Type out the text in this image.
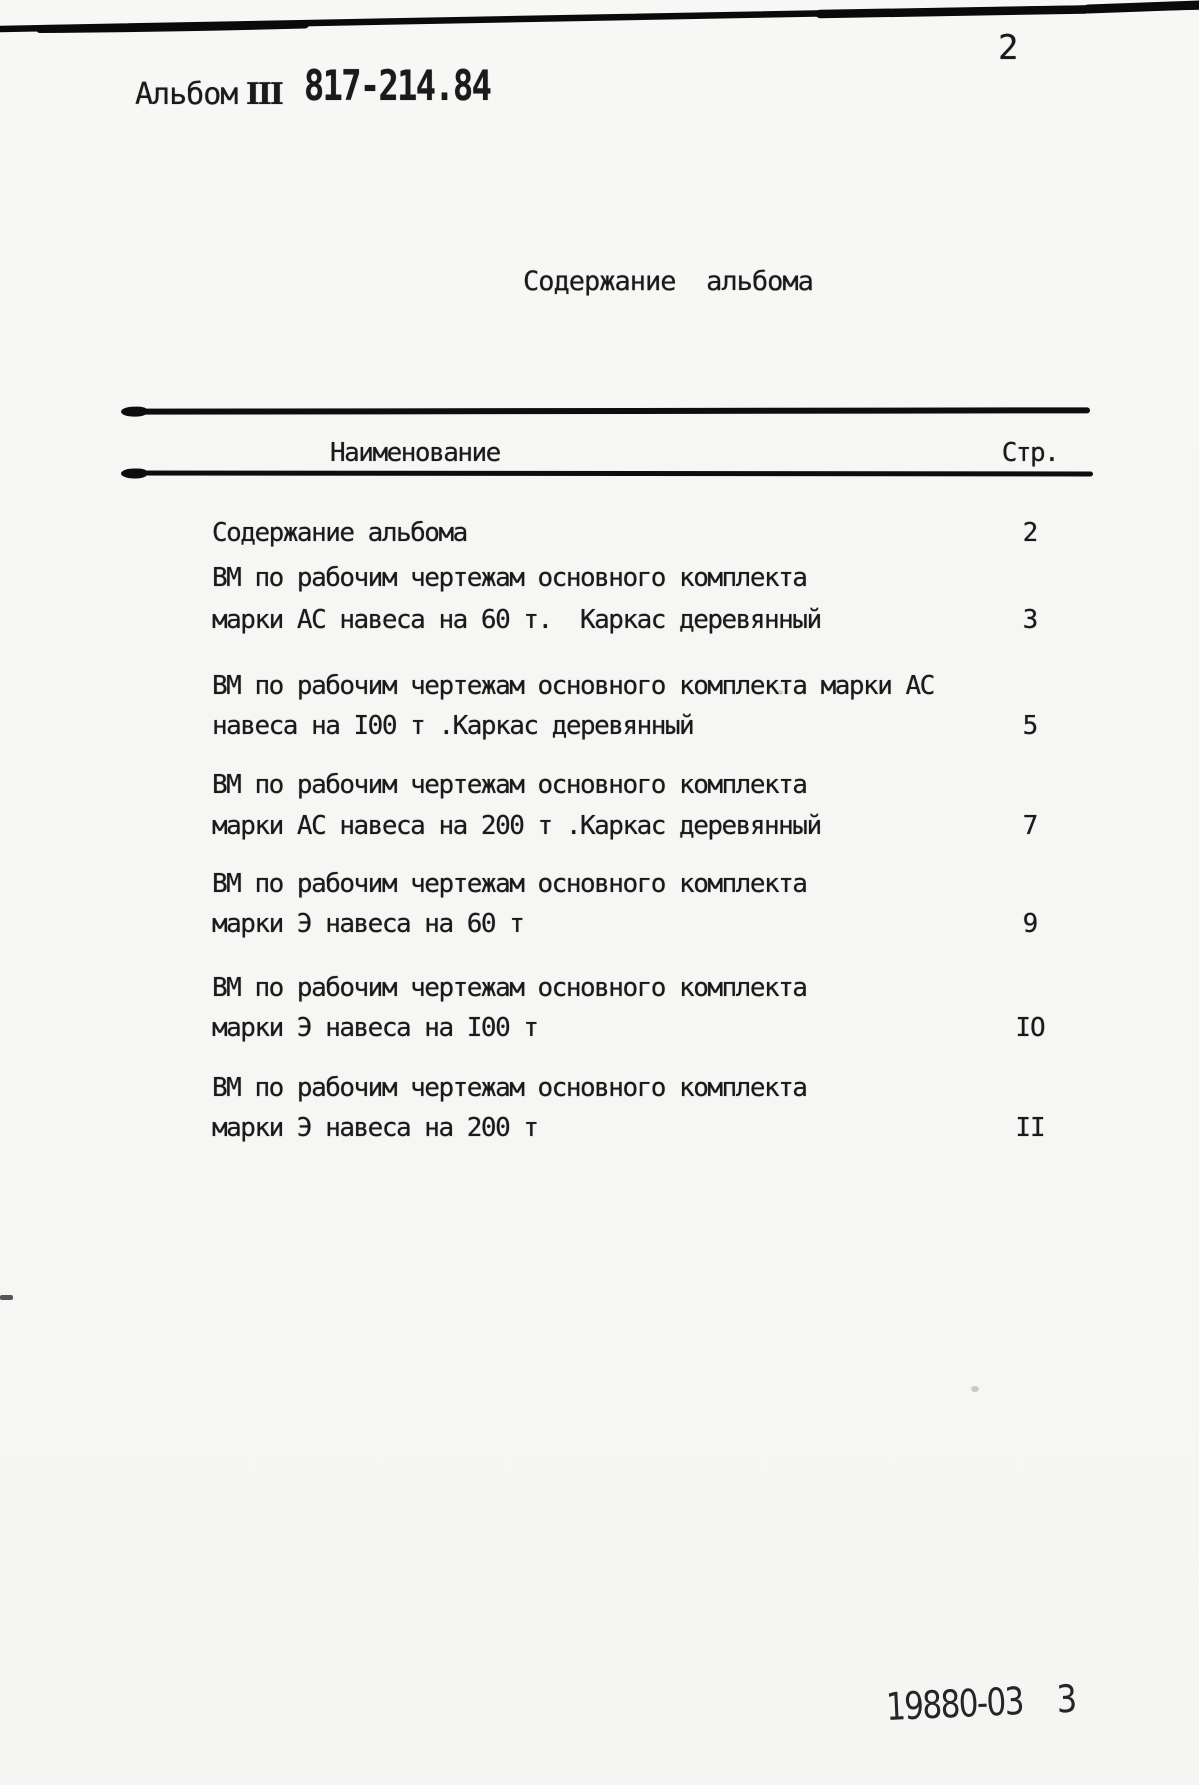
2
Альбом III 817-214.84
Содержание  альбома
Наименование	Стр.
Содержание альбома	2
ВМ по рабочим чертежам основного комплекта
марки АС навеса на 60 т.  Каркас деревянный	3
ВМ по рабочим чертежам основного комплекта марки АС
навеса на I00 т .Каркас деревянный	5
ВМ по рабочим чертежам основного комплекта
марки АС навеса на 200 т .Каркас деревянный	7
ВМ по рабочим чертежам основного комплекта
марки Э навеса на 60 т	9
ВМ по рабочим чертежам основного комплекта
марки Э навеса на I00 т	IO
ВМ по рабочим чертежам основного комплекта
марки Э навеса на 200 т	II
19880-03 3
